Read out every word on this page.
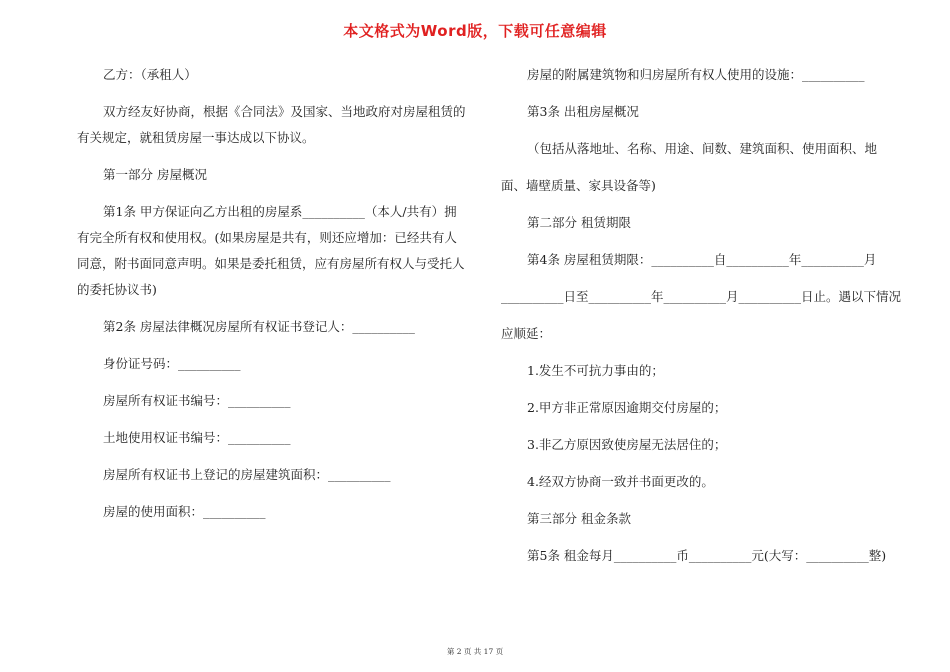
本文格式为Word版，下载可任意编辑
乙方：（承租人）
双方经友好协商，根据《合同法》及国家、当地政府对房屋租赁的
有关规定，就租赁房屋一事达成以下协议。
第一部分 房屋概况
第1条 甲方保证向乙方出租的房屋系__________（本人/共有）拥
有完全所有权和使用权。(如果房屋是共有，则还应增加：已经共有人
同意，附书面同意声明。如果是委托租赁，应有房屋所有权人与受托人
的委托协议书)
第2条 房屋法律概况房屋所有权证书登记人：__________
身份证号码：__________
房屋所有权证书编号：__________
土地使用权证书编号：__________
房屋所有权证书上登记的房屋建筑面积：__________
房屋的使用面积：__________
房屋的附属建筑物和归房屋所有权人使用的设施：__________
第3条 出租房屋概况
（包括从落地址、名称、用途、间数、建筑面积、使用面积、地
面、墙壁质量、家具设备等)
第二部分 租赁期限
第4条 房屋租赁期限：__________自__________年__________月
__________日至__________年__________月__________日止。遇以下情况
应顺延：
1.发生不可抗力事由的；
2.甲方非正常原因逾期交付房屋的；
3.非乙方原因致使房屋无法居住的；
4.经双方协商一致并书面更改的。
第三部分 租金条款
第5条 租金每月__________币__________元(大写：__________整)
第 2 页 共 17 页
